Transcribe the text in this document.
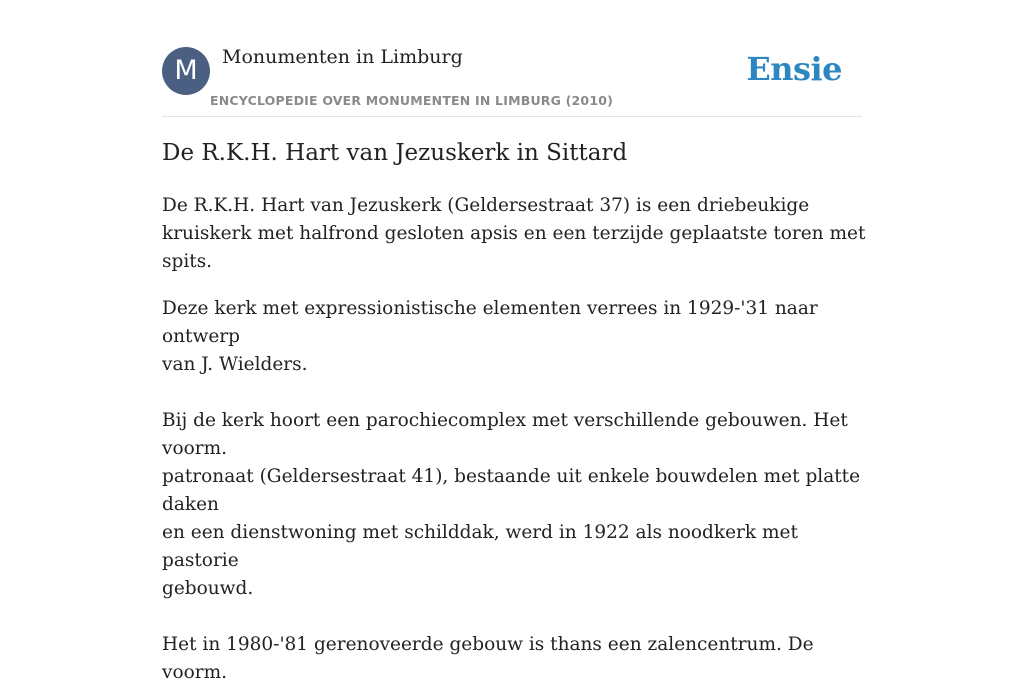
M	Monumenten in Limburg
ENCYCLOPEDIE OVER MONUMENTEN IN LIMBURG (2010)
Ensie
De R.K.H. Hart van Jezuskerk in Sittard

De R.K.H. Hart van Jezuskerk (Geldersestraat 37) is een driebeukige kruiskerk met halfrond gesloten apsis en een terzijde geplaatste toren met spits.

Deze kerk met expressionistische elementen verrees in 1929-'31 naar ontwerp
van J. Wielders.

Bij de kerk hoort een parochiecomplex met verschillende gebouwen. Het voorm.
patronaat (Geldersestraat 41), bestaande uit enkele bouwdelen met platte daken
en een dienstwoning met schilddak, werd in 1922 als noodkerk met pastorie
gebouwd.

Het in 1980-'81 gerenoveerde gebouw is thans een zalencentrum. De voorm.
